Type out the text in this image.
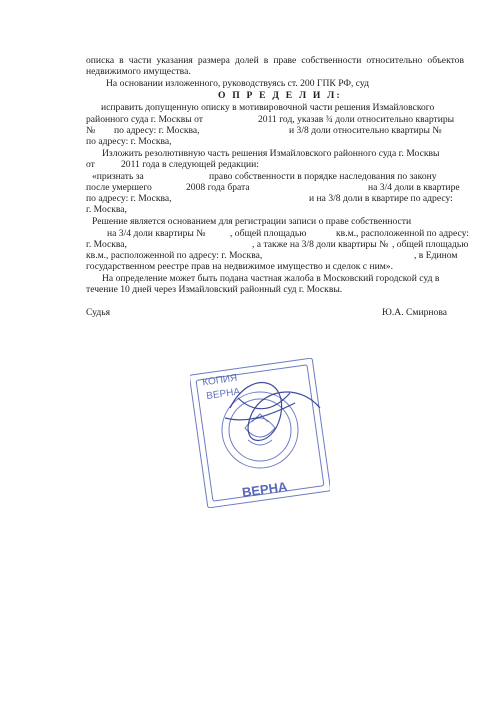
описка в части указания размера долей в праве собственности относительно объектов
недвижимого имущества.
На основании изложенного, руководствуясь ст. 200 ГПК РФ, суд
О П Р Е Д Е Л И Л:
исправить допущенную описку в мотивировочной части решения Измайловского
районного суда г. Москвы от	2011 год, указав ¾ доли относительно квартиры
№ по адресу: г. Москва,	и 3/8 доли относительно квартиры №
по адресу: г. Москва,
Изложить резолютивную часть решения Измайловского районного суда г. Москвы
от	2011 года в следующей редакции:
«признать за	право собственности в порядке наследования по закону
после умершего	2008 года брата	на 3/4 доли в квартире
по адресу: г. Москва,	и на 3/8 доли в квартире по адресу:
г. Москва,
Решение является основанием для регистрации записи о праве собственности
на 3/4 доли квартиры №	, общей площадью	кв.м., расположенной по адресу:
г. Москва,	, а также на 3/8 доли квартиры № , общей площадью
кв.м., расположенной по адресу: г. Москва,	, в Едином
государственном реестре прав на недвижимое имущество и сделок с ним».
На определение может быть подана частная жалоба в Московский городской суд в
течение 10 дней через Измайловский районный суд г. Москвы.
Судья	Ю.А. Смирнова
КОПИЯ
ВЕРНА
ВЕРНА
